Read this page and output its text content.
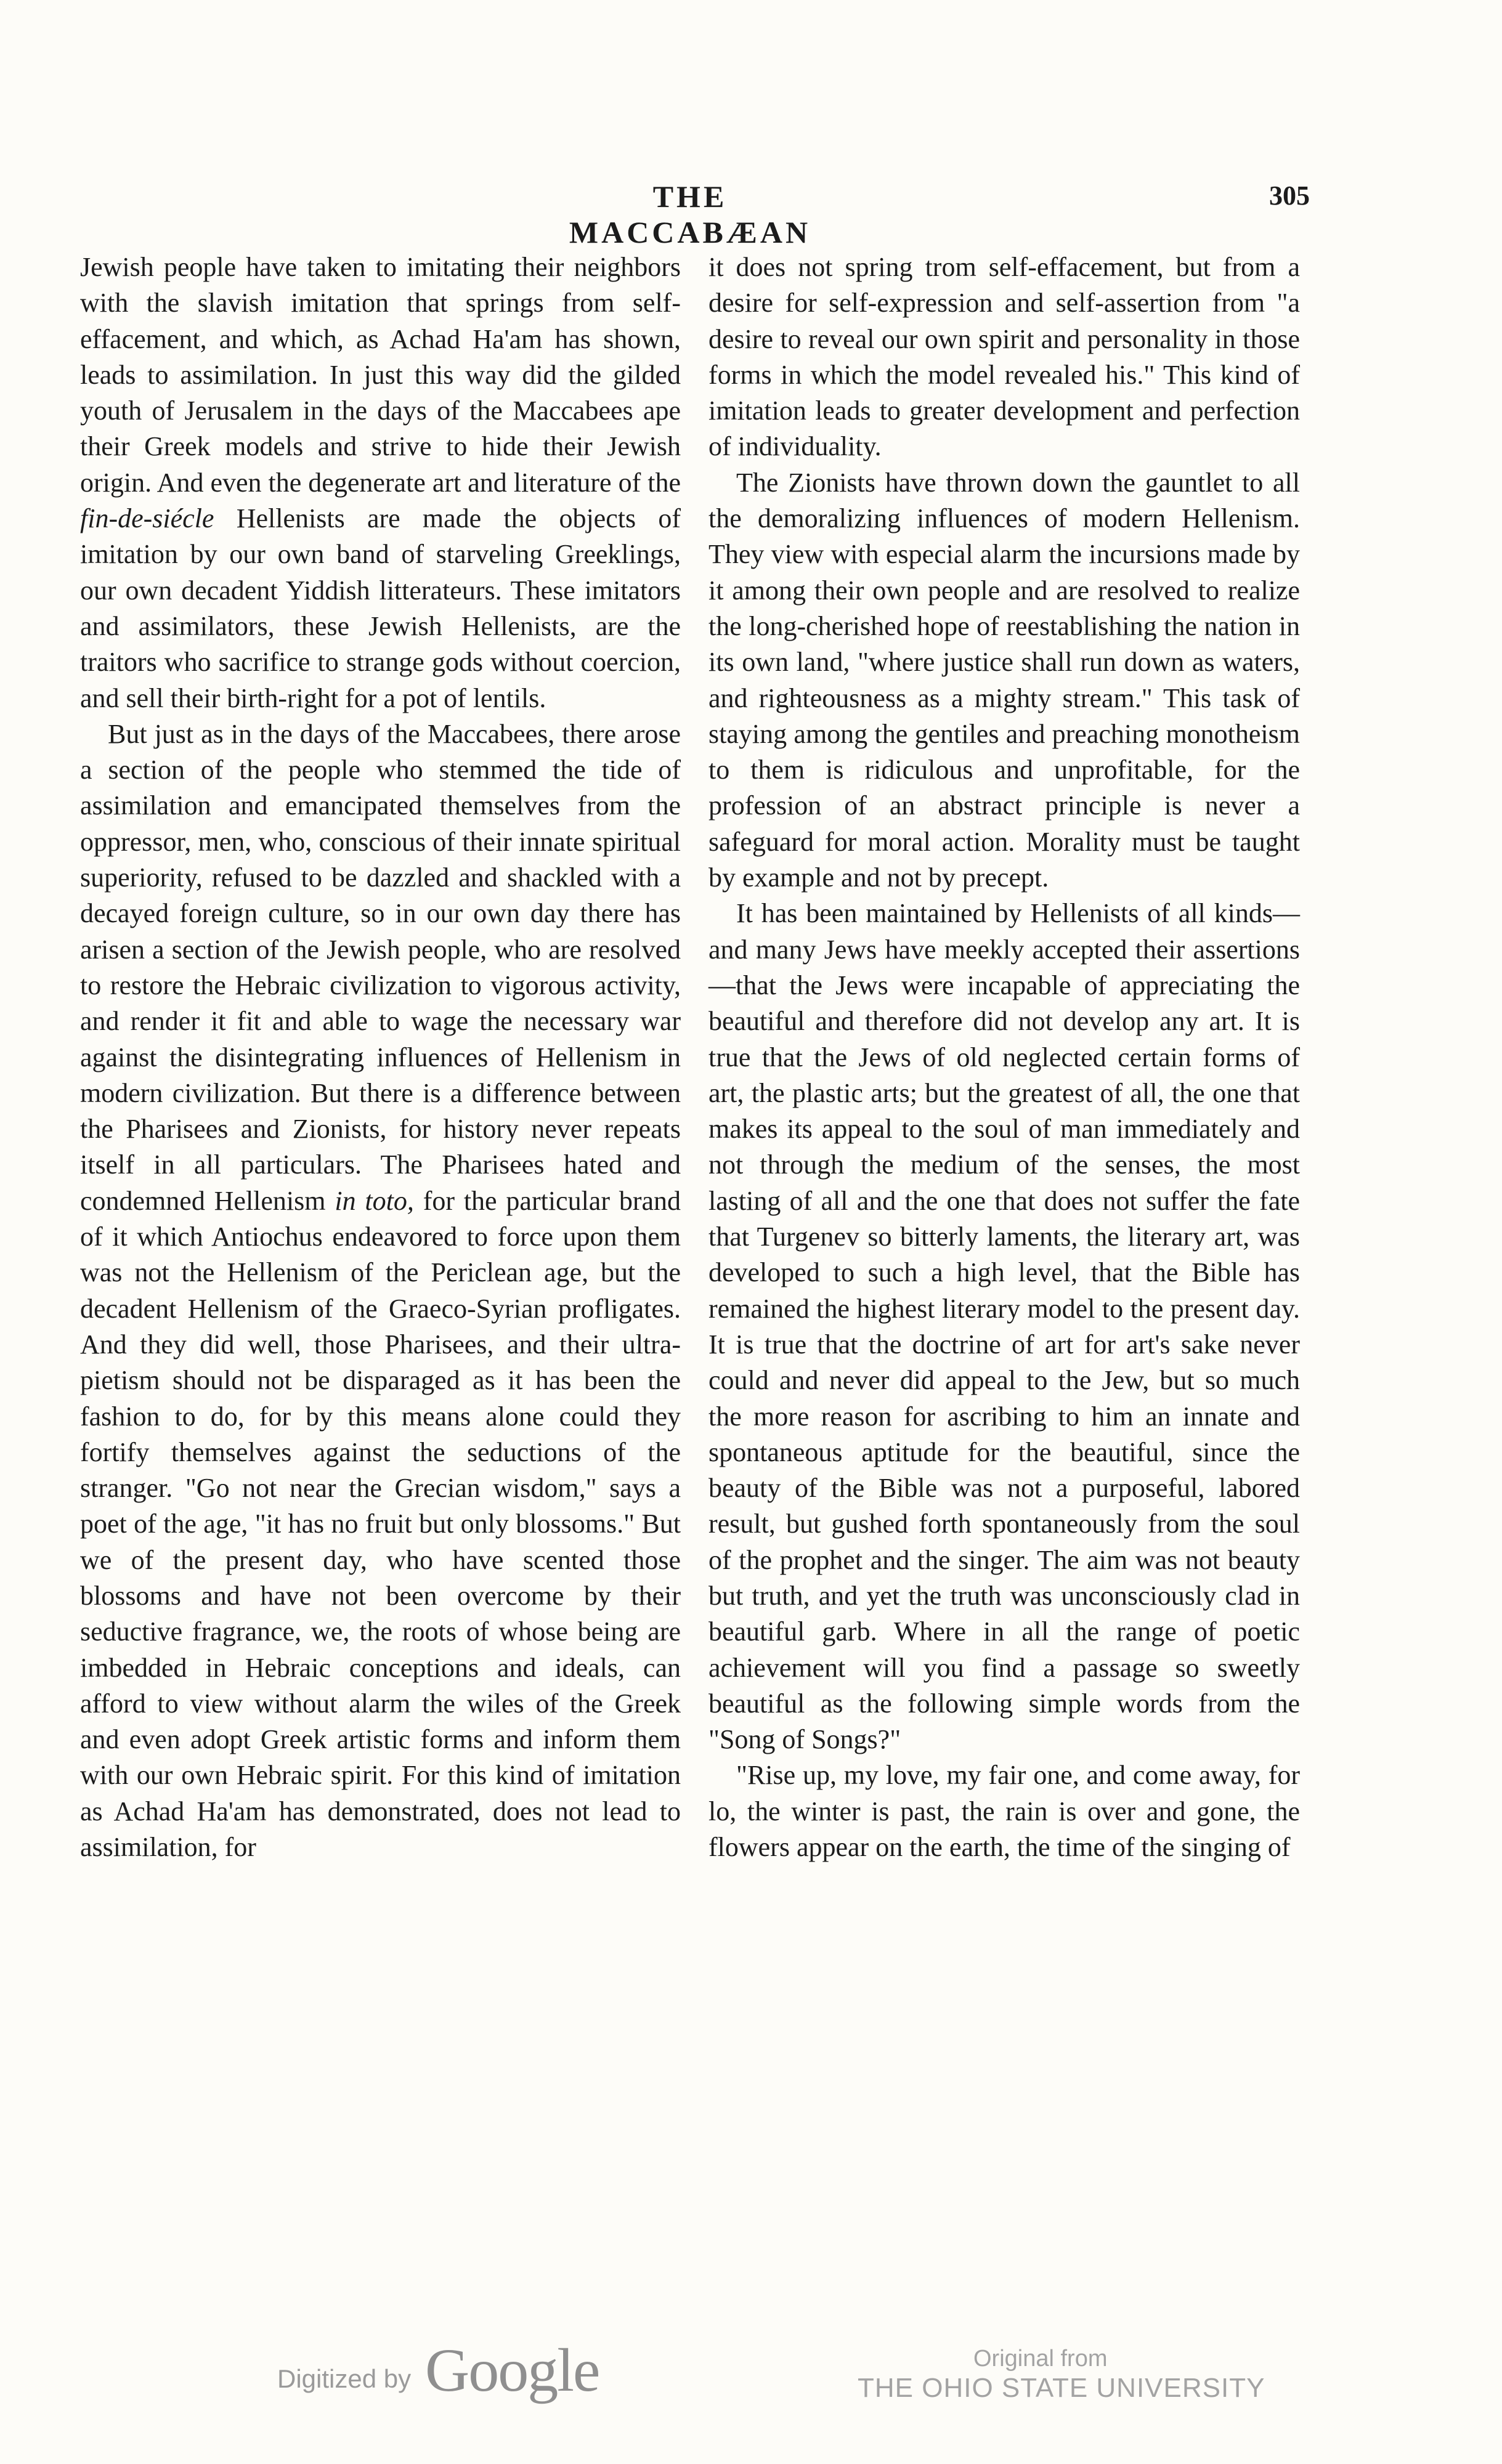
THE MACCABÆAN
305

Jewish people have taken to imitating their neighbors with the slavish imitation that springs from self-effacement, and which, as Achad Ha'am has shown, leads to assimilation. In just this way did the gilded youth of Jerusalem in the days of the Maccabees ape their Greek models and strive to hide their Jewish origin. And even the degenerate art and literature of the fin-de-siécle Hellenists are made the objects of imitation by our own band of starveling Greeklings, our own decadent Yiddish litterateurs. These imitators and assimilators, these Jewish Hellenists, are the traitors who sacrifice to strange gods without coercion, and sell their birth-right for a pot of lentils.

But just as in the days of the Maccabees, there arose a section of the people who stemmed the tide of assimilation and emancipated themselves from the oppressor, men, who, conscious of their innate spiritual superiority, refused to be dazzled and shackled with a decayed foreign culture, so in our own day there has arisen a section of the Jewish people, who are resolved to restore the Hebraic civilization to vigorous activity, and render it fit and able to wage the necessary war against the disintegrating influences of Hellenism in modern civilization. But there is a difference between the Pharisees and Zionists, for history never repeats itself in all particulars. The Pharisees hated and condemned Hellenism in toto, for the particular brand of it which Antiochus endeavored to force upon them was not the Hellenism of the Periclean age, but the decadent Hellenism of the Graeco-Syrian profligates. And they did well, those Pharisees, and their ultra-pietism should not be disparaged as it has been the fashion to do, for by this means alone could they fortify themselves against the seductions of the stranger. "Go not near the Grecian wisdom," says a poet of the age, "it has no fruit but only blossoms." But we of the present day, who have scented those blossoms and have not been overcome by their seductive fragrance, we, the roots of whose being are imbedded in Hebraic conceptions and ideals, can afford to view without alarm the wiles of the Greek and even adopt Greek artistic forms and inform them with our own Hebraic spirit. For this kind of imitation as Achad Ha'am has demonstrated, does not lead to assimilation, for

it does not spring trom self-effacement, but from a desire for self-expression and self-assertion from "a desire to reveal our own spirit and personality in those forms in which the model revealed his." This kind of imitation leads to greater development and perfection of individuality.

The Zionists have thrown down the gauntlet to all the demoralizing influences of modern Hellenism. They view with especial alarm the incursions made by it among their own people and are resolved to realize the long-cherished hope of reestablishing the nation in its own land, "where justice shall run down as waters, and righteousness as a mighty stream." This task of staying among the gentiles and preaching monotheism to them is ridiculous and unprofitable, for the profession of an abstract principle is never a safeguard for moral action. Morality must be taught by example and not by precept.

It has been maintained by Hellenists of all kinds—and many Jews have meekly accepted their assertions—that the Jews were incapable of appreciating the beautiful and therefore did not develop any art. It is true that the Jews of old neglected certain forms of art, the plastic arts; but the greatest of all, the one that makes its appeal to the soul of man immediately and not through the medium of the senses, the most lasting of all and the one that does not suffer the fate that Turgenev so bitterly laments, the literary art, was developed to such a high level, that the Bible has remained the highest literary model to the present day. It is true that the doctrine of art for art's sake never could and never did appeal to the Jew, but so much the more reason for ascribing to him an innate and spontaneous aptitude for the beautiful, since the beauty of the Bible was not a purposeful, labored result, but gushed forth spontaneously from the soul of the prophet and the singer. The aim was not beauty but truth, and yet the truth was unconsciously clad in beautiful garb. Where in all the range of poetic achievement will you find a passage so sweetly beautiful as the following simple words from the "Song of Songs?"

"Rise up, my love, my fair one, and come away, for lo, the winter is past, the rain is over and gone, the flowers appear on the earth, the time of the singing of

Digitized by Google	Original from
THE OHIO STATE UNIVERSITY
